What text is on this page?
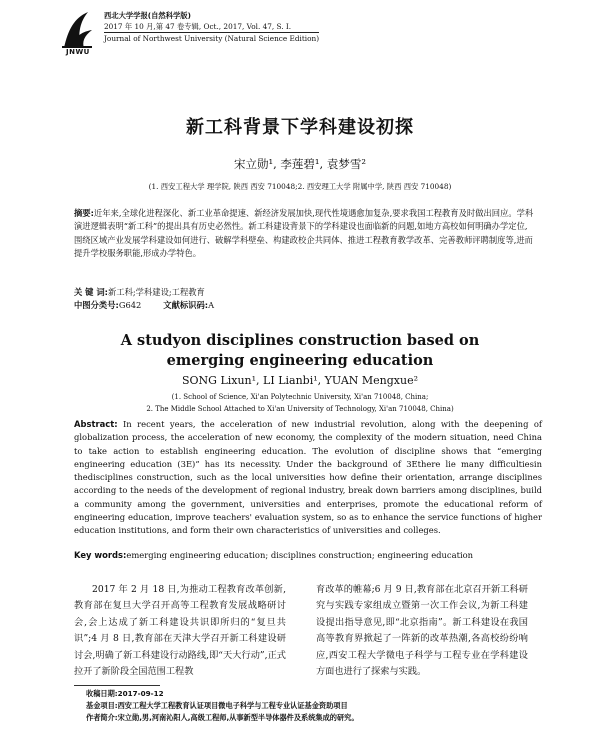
JNWU
西北大学学报(自然科学版)
2017 年 10 月,第 47 卷专辑, Oct., 2017, Vol. 47, S. I.
Journal of Northwest University (Natural Science Edition)
新工科背景下学科建设初探
宋立勋¹, 李莲碧¹, 袁梦雪²
(1. 西安工程大学 理学院, 陕西 西安 710048;2. 西安理工大学 附属中学, 陕西 西安 710048)
摘要:近年来,全球化进程深化、新工业革命提速、新经济发展加快,现代性境遇愈加复杂,要求我国工程教育及时做出回应。学科演进逻辑表明“新工科”的提出具有历史必然性。新工科建设背景下的学科建设也面临新的问题,如地方高校如何明确办学定位,围绕区域产业发展学科建设如何进行、破解学科壁垒、构建政校企共同体、推进工程教育教学改革、完善教师评聘制度等,进而提升学校服务职能,形成办学特色。
关 键 词:新工科;学科建设;工程教育
中图分类号:G642	文献标识码:A
A studyon disciplines construction based on
emerging engineering education
SONG Lixun¹, LI Lianbi¹, YUAN Mengxue²
(1. School of Science, Xi'an Polytechnic University, Xi'an 710048, China;
2. The Middle School Attached to Xi'an University of Technology, Xi'an 710048, China)
Abstract: In recent years, the acceleration of new industrial revolution, along with the deepening of globalization process, the acceleration of new economy, the complexity of the modern situation, need China to take action to establish engineering education. The evolution of discipline shows that “emerging engineering education (3E)” has its necessity. Under the background of 3Ethere lie many difficultiesin thedisciplines construction, such as the local universities how define their orientation, arrange disciplines according to the needs of the development of regional industry, break down barriers among disciplines, build a community among the government, universities and enterprises, promote the educational reform of engineering education, improve teachers' evaluation system, so as to enhance the service functions of higher education institutions, and form their own characteristics of universities and colleges.
Key words:emerging engineering education; disciplines construction; engineering education
2017 年 2 月 18 日,为推动工程教育改革创新,教育部在复旦大学召开高等工程教育发展战略研讨会,会上达成了新工科建设共识即所归的“复旦共识”;4 月 8 日,教育部在天津大学召开新工科建设研讨会,明确了新工科建设行动路线,即“天大行动”,正式拉开了新阶段全国范围工程教
育改革的帷幕;6 月 9 日,教育部在北京召开新工科研究与实践专家组成立暨第一次工作会议,为新工科建设提出指导意见,即“北京指南”。新工科建设在我国高等教育界掀起了一阵新的改革热潮,各高校纷纷响应,西安工程大学微电子科学与工程专业在学科建设方面也进行了探索与实践。
收稿日期:2017-09-12
基金项目:西安工程大学工程教育认证项目微电子科学与工程专业认证基金资助项目
作者简介:宋立勋,男,河南沁阳人,高级工程师,从事新型半导体器件及系统集成的研究。
